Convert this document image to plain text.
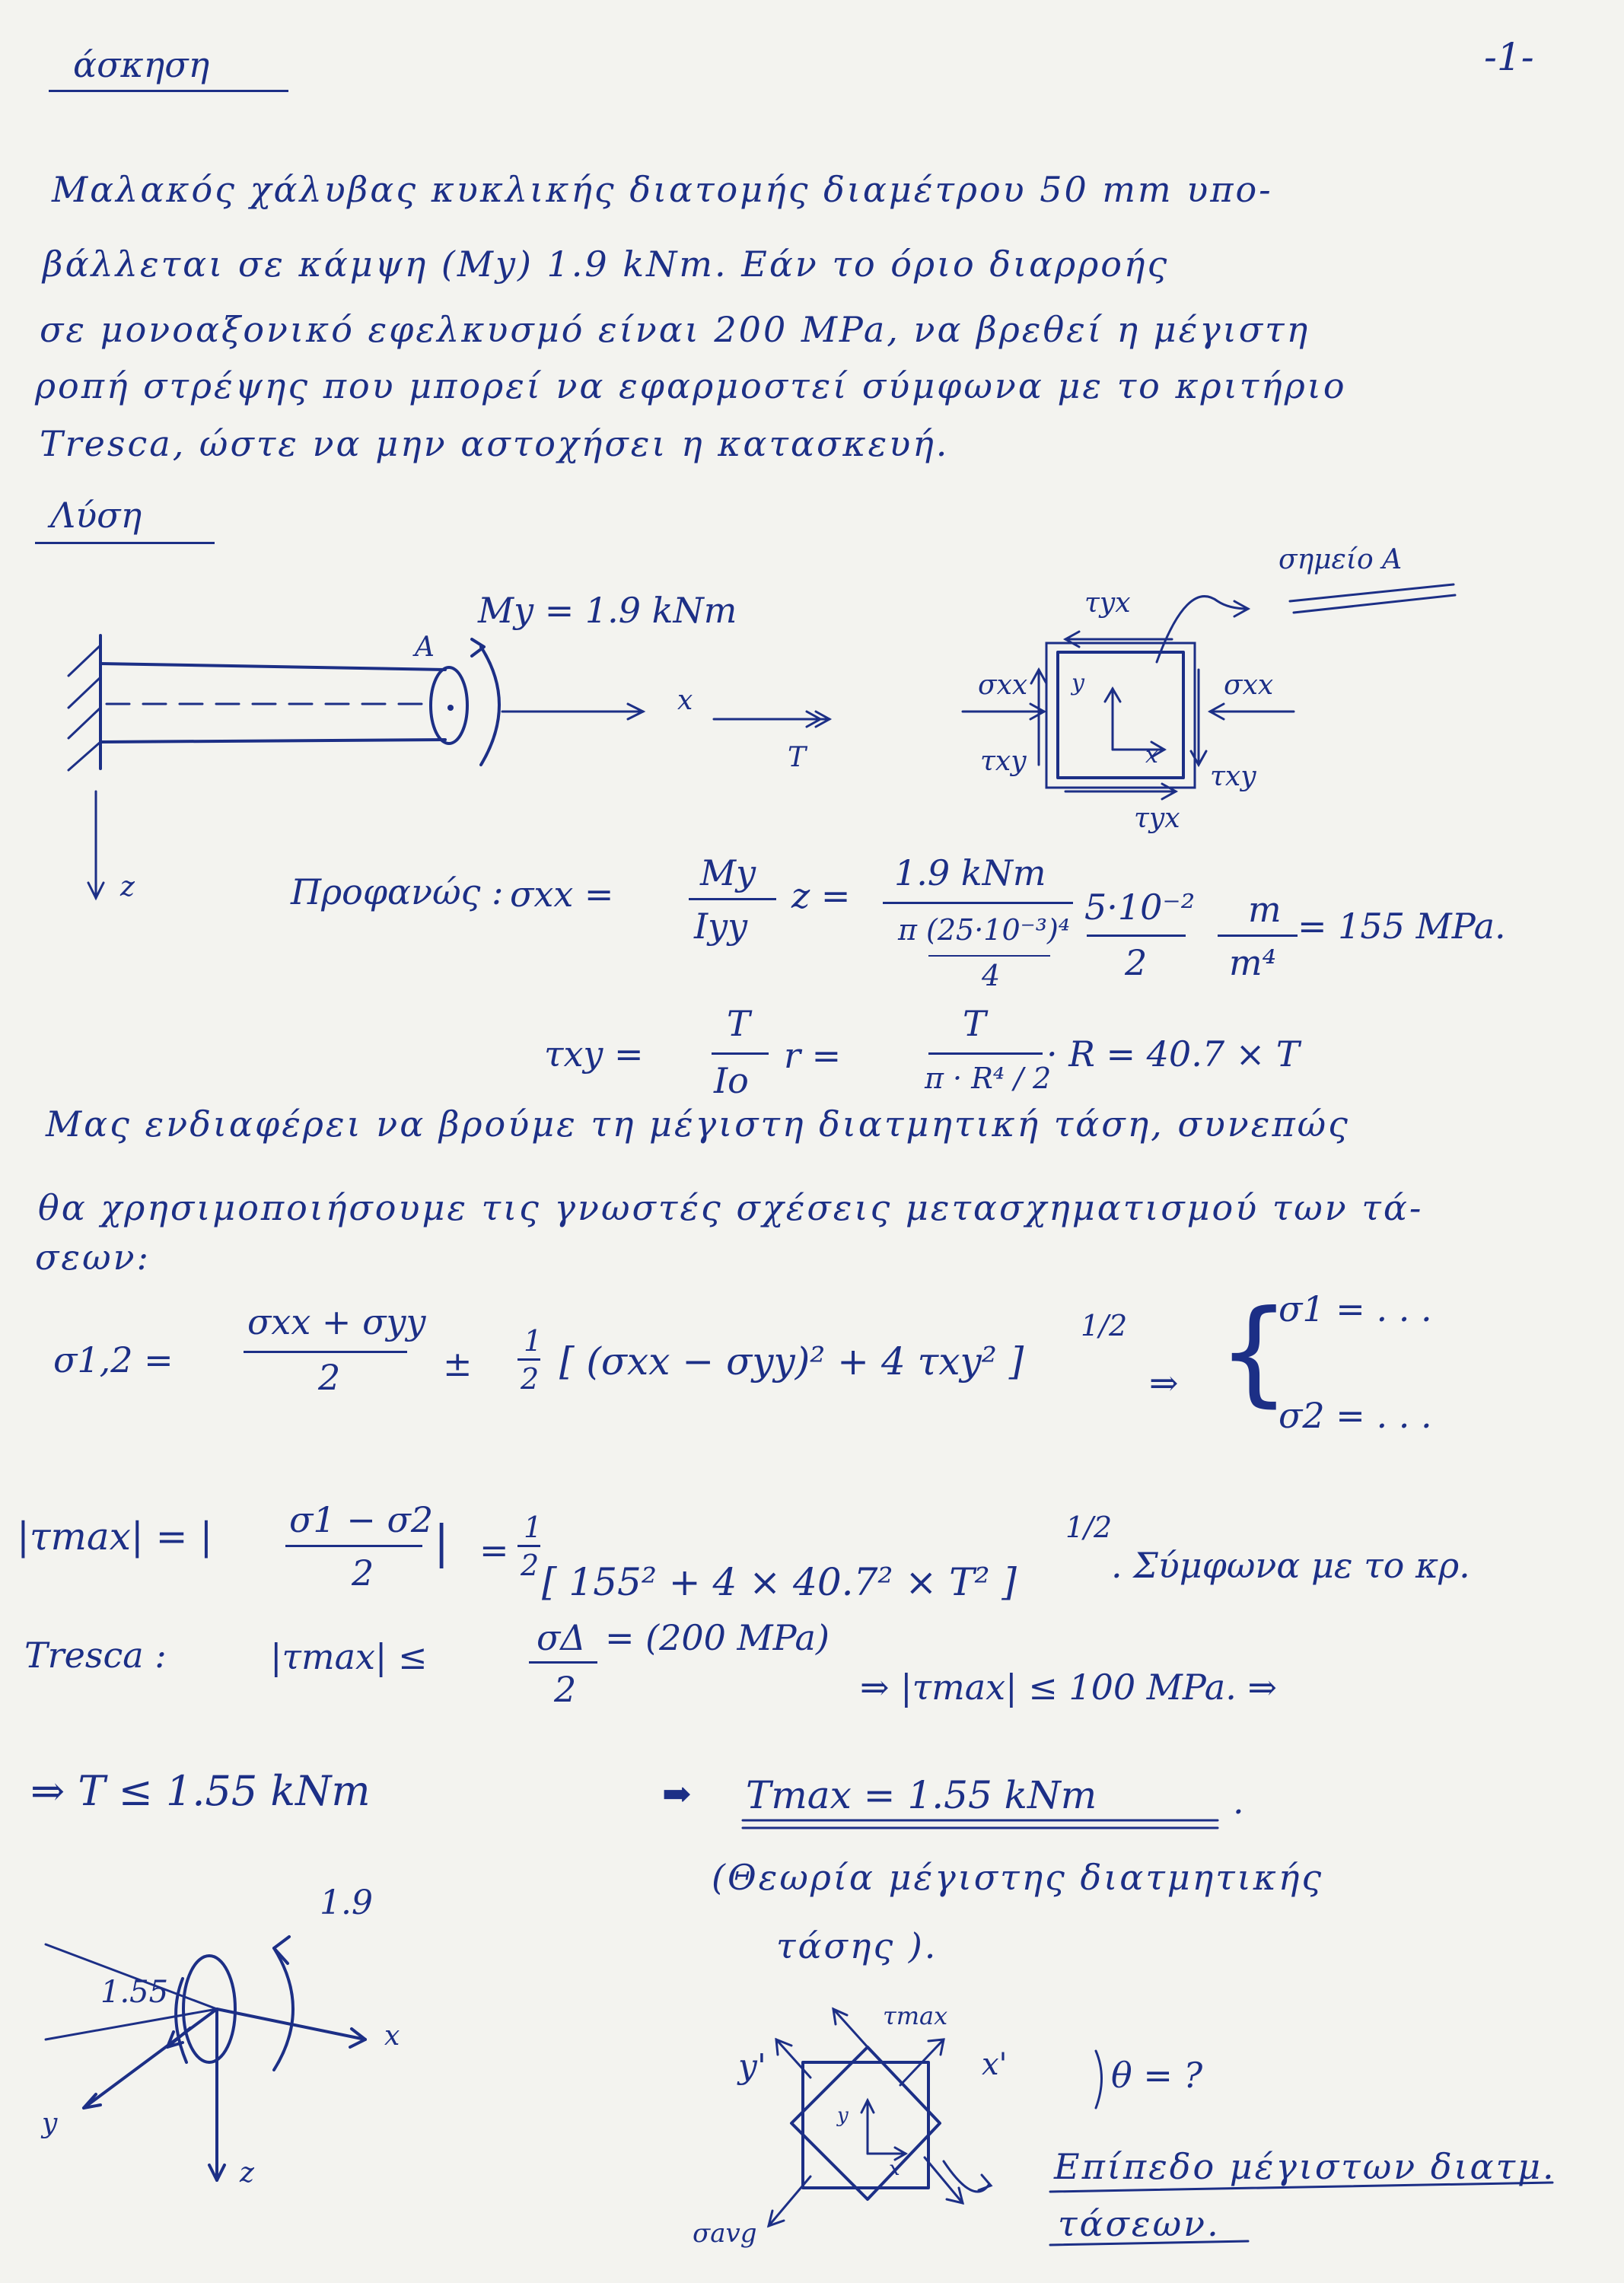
άσκηση	-1-
Μαλακός χάλυβας κυκλικής διατομής διαμέτρου 50 mm υπο-
βάλλεται σε κάμψη (My) 1.9 kNm. Εάν το όριο διαρροής
σε μονοαξονικό εφελκυσμό είναι 200 MPa, να βρεθεί η μέγιστη
ροπή στρέψης που μπορεί να εφαρμοστεί σύμφωνα με το κριτήριο
Tresca, ώστε να μην αστοχήσει η κατασκευή.
Λύση
My = 1.9 kNm
A
x
T
z
σημείο A
τyx
τyx
σxx	σxx
τxy	τxy
y
x
Προφανώς : σxx =
My
Iyy
z =
1.9 kNm
π (25·10⁻³)⁴
4
5·10⁻²
2
m
m⁴
= 155 MPa.
τxy =
T
Io
r =
T
π · R⁴ / 2
· R = 40.7 × T
Μας ενδιαφέρει να βρούμε τη μέγιστη διατμητική τάση, συνεπώς
θα χρησιμοποιήσουμε τις γνωστές σχέσεις μετασχηματισμού των τά-
σεων:
σ1,2 =
σxx + σyy
2	±
1
2 [ (σxx − σyy)² + 4 τxy² ]
1/2
⇒ {
σ1 = . . .
σ2 = . . .
|τmax| = | σ1 − σ2
2
| =
1
2 [ 155² + 4 × 40.7² × T² ]
1/2
. Σύμφωνα με το κρ.
Tresca :	|τmax| ≤	σΔ
2
= (200 MPa)
⇒ |τmax| ≤ 100 MPa. ⇒
⇒ T ≤ 1.55 kNm	➡ Tmax = 1.55 kNm	.
(Θεωρία μέγιστης διατμητικής
τάσης ).
1.9
1.55
x
y
z
τmax
y'	x'	θ = ?
σavg
y
x	Επίπεδο μέγιστων διατμ.
τάσεων.
